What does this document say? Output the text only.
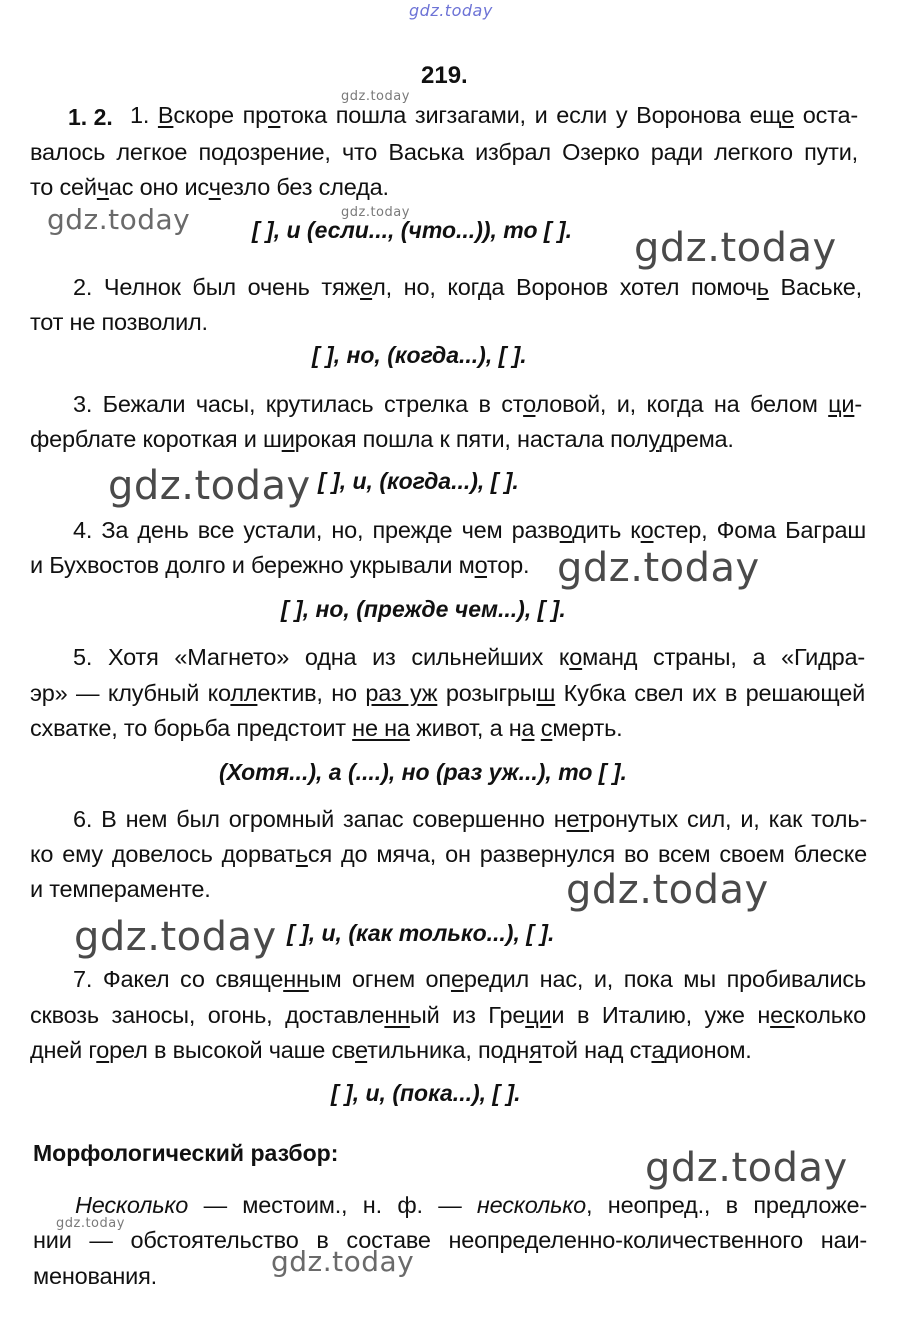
gdz.today
gdz.today
gdz.today	gdz.today
gdz.today
gdz.today
gdz.today
gdz.today
gdz.today
gdz.today
gdz.today
gdz.today
219.
1. 2. 1. Вскоре протока пошла зигзагами, и если у Воронова еще оста-
валось легкое подозрение, что Васька избрал Озерко ради легкого пути,
то сейчас оно исчезло без следа.
[ ], и (если..., (что...)), то [ ].
2. Челнок был очень тяжел, но, когда Воронов хотел помочь Ваське,
тот не позволил.
[ ], но, (когда...), [ ].
3. Бежали часы, крутилась стрелка в столовой, и, когда на белом ци-
ферблате короткая и широкая пошла к пяти, настала полудрема.
[ ], и, (когда...), [ ].
4. За день все устали, но, прежде чем разводить костер, Фома Баграш
и Бухвостов долго и бережно укрывали мотор.
[ ], но, (прежде чем...), [ ].
5. Хотя «Магнето» одна из сильнейших команд страны, а «Гидра-
эр» — клубный коллектив, но раз уж розыгрыш Кубка свел их в решающей
схватке, то борьба предстоит не на живот, а на смерть.
(Хотя...), а (....), но (раз уж...), то [ ].
6. В нем был огромный запас совершенно нетронутых сил, и, как толь-
ко ему довелось дорваться до мяча, он развернулся во всем своем блеске
и темпераменте.
[ ], и, (как только...), [ ].
7. Факел со священным огнем опередил нас, и, пока мы пробивались
сквозь заносы, огонь, доставленный из Греции в Италию, уже несколько
дней горел в высокой чаше светильника, поднятой над стадионом.
[ ], и, (пока...), [ ].
Морфологический разбор:
Несколько — местоим., н. ф. — несколько, неопред., в предложе-
нии — обстоятельство в составе неопределенно-количественного наи-
менования.
